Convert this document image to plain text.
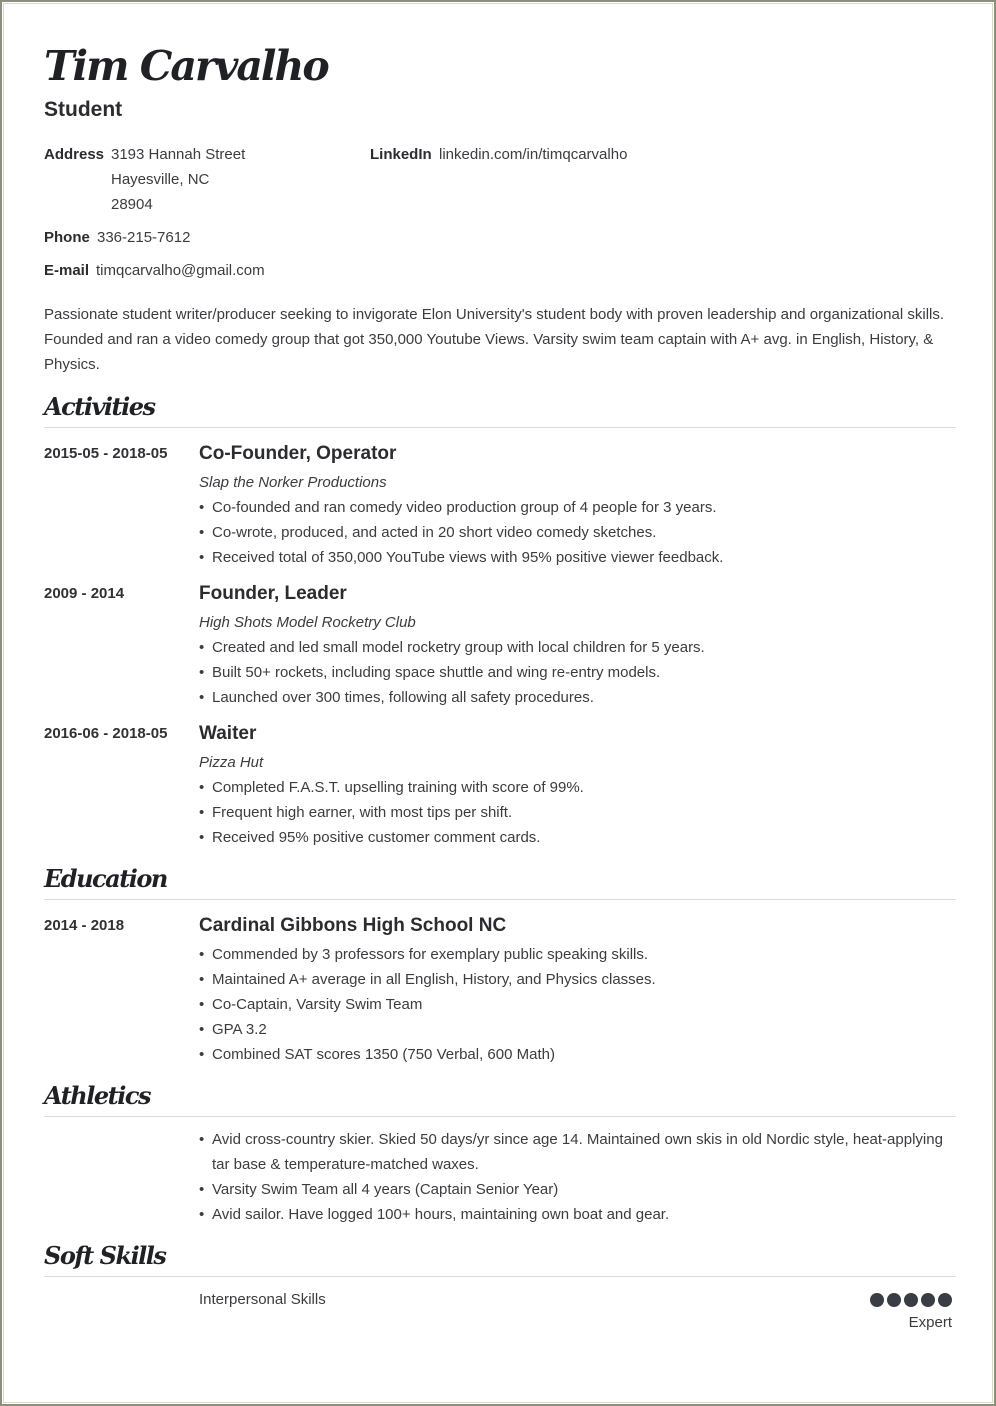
Tim Carvalho
Student
Address 3193 Hannah Street
Hayesville, NC
28904
LinkedIn linkedin.com/in/timqcarvalho
Phone 336-215-7612
E-mail timqcarvalho@gmail.com
Passionate student writer/producer seeking to invigorate Elon University's student body with proven leadership and organizational skills. Founded and ran a video comedy group that got 350,000 Youtube Views. Varsity swim team captain with A+ avg. in English, History, & Physics.
Activities
2015-05 - 2018-05 Co-Founder, Operator
Slap the Norker Productions
• Co-founded and ran comedy video production group of 4 people for 3 years.
• Co-wrote, produced, and acted in 20 short video comedy sketches.
• Received total of 350,000 YouTube views with 95% positive viewer feedback.
2009 - 2014	Founder, Leader
High Shots Model Rocketry Club
• Created and led small model rocketry group with local children for 5 years.
• Built 50+ rockets, including space shuttle and wing re-entry models.
• Launched over 300 times, following all safety procedures.
2016-06 - 2018-05 Waiter
Pizza Hut
• Completed F.A.S.T. upselling training with score of 99%.
• Frequent high earner, with most tips per shift.
• Received 95% positive customer comment cards.
Education
2014 - 2018	Cardinal Gibbons High School NC
• Commended by 3 professors for exemplary public speaking skills.
• Maintained A+ average in all English, History, and Physics classes.
• Co-Captain, Varsity Swim Team
• GPA 3.2
• Combined SAT scores 1350 (750 Verbal, 600 Math)
Athletics
• Avid cross-country skier. Skied 50 days/yr since age 14. Maintained own skis in old Nordic style, heat-applying tar base & temperature-matched waxes.
• Varsity Swim Team all 4 years (Captain Senior Year)
• Avid sailor. Have logged 100+ hours, maintaining own boat and gear.
Soft Skills
Interpersonal Skills
Expert
